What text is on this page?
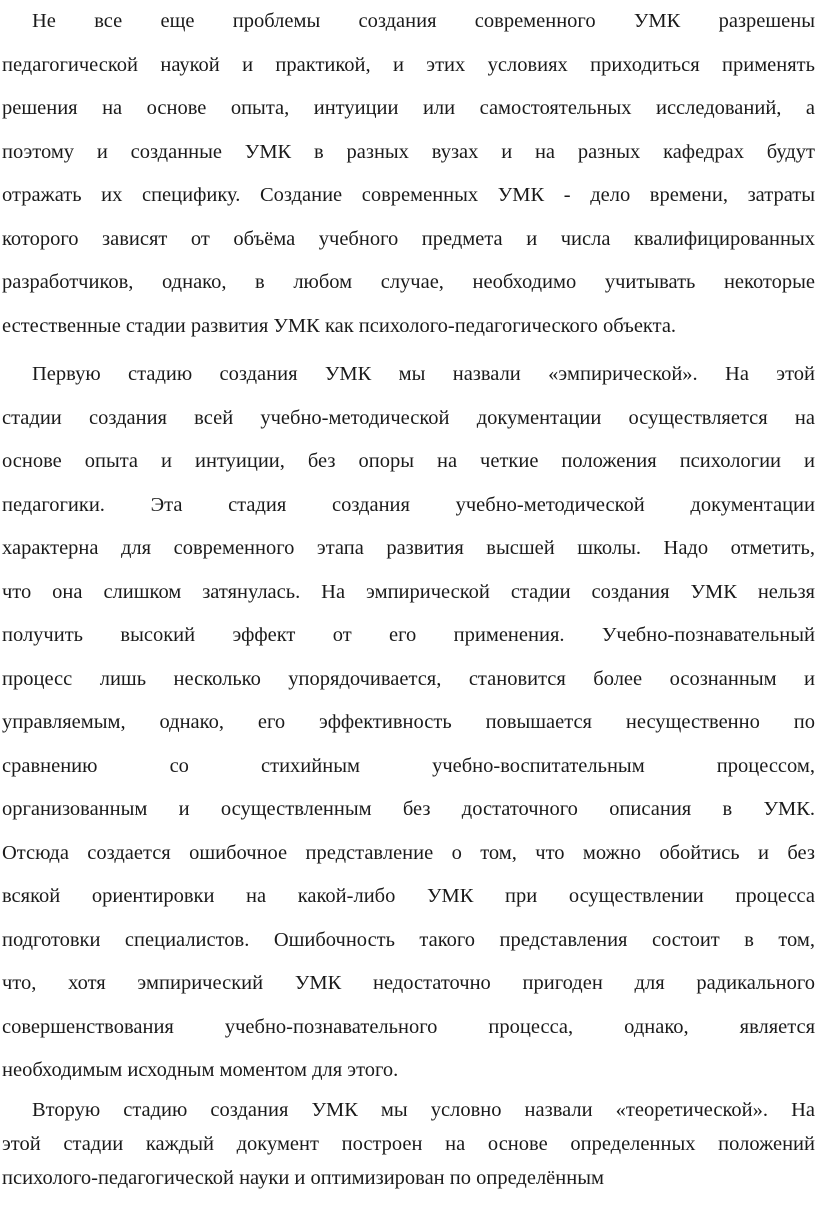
Не все еще проблемы создания современного УМК разрешены
педагогической наукой и практикой, и этих условиях приходиться применять
решения на основе опыта, интуиции или самостоятельных исследований, а
поэтому и созданные УМК в разных вузах и на разных кафедрах будут
отражать их специфику. Создание современных УМК - дело времени, затраты
которого зависят от объёма учебного предмета и числа квалифицированных
разработчиков, однако, в любом случае, необходимо учитывать некоторые
естественные стадии развития УМК как психолого-педагогического объекта.
Первую стадию создания УМК мы назвали «эмпирической». На этой
стадии создания всей учебно-методической документации осуществляется на
основе опыта и интуиции, без опоры на четкие положения психологии и
педагогики. Эта стадия создания учебно-методической документации
характерна для современного этапа развития высшей школы. Надо отметить,
что она слишком затянулась. На эмпирической стадии создания УМК нельзя
получить высокий эффект от его применения. Учебно-познавательный
процесс лишь несколько упорядочивается, становится более осознанным и
управляемым, однако, его эффективность повышается несущественно по
сравнению со стихийным учебно-воспитательным процессом,
организованным и осуществленным без достаточного описания в УМК.
Отсюда создается ошибочное представление о том, что можно обойтись и без
всякой ориентировки на какой-либо УМК при осуществлении процесса
подготовки специалистов. Ошибочность такого представления состоит в том,
что, хотя эмпирический УМК недостаточно пригоден для радикального
совершенствования учебно-познавательного процесса, однако, является
необходимым исходным моментом для этого.
Вторую стадию создания УМК мы условно назвали «теоретической». На
этой стадии каждый документ построен на основе определенных положений
психолого-педагогической науки и оптимизирован по определённым
